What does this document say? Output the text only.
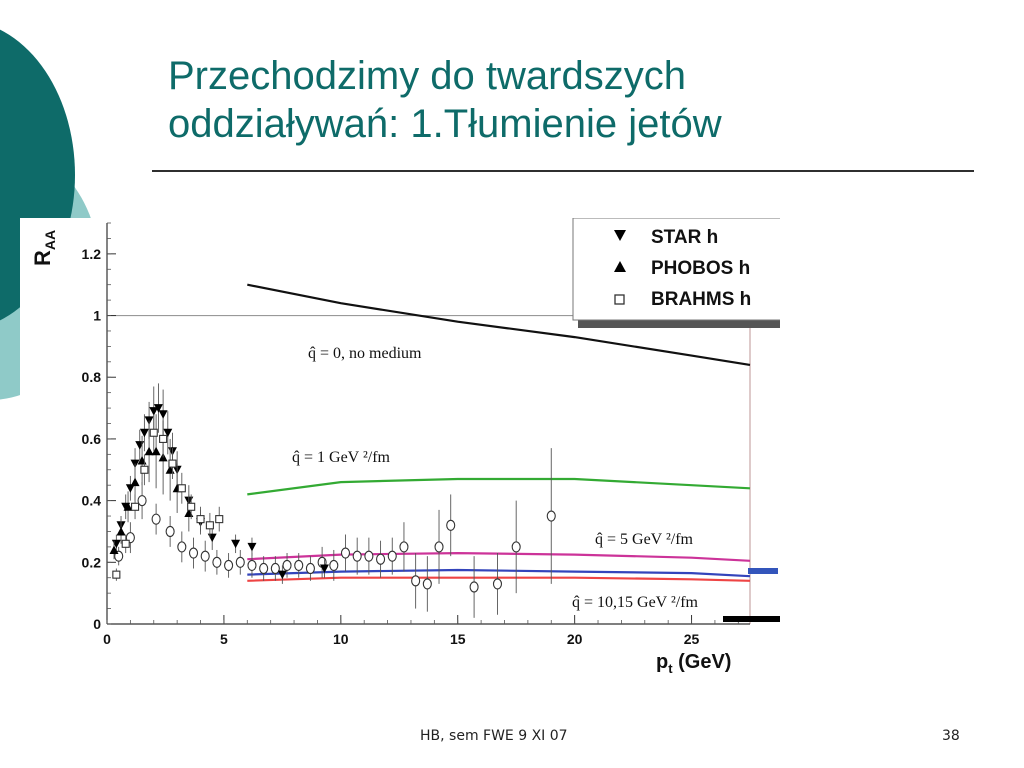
Przechodzimy do twardszych
oddziaływań: 1.Tłumienie jetów
0
0.2
0.4
0.6
0.8
1
1.2
0	5	10	15	20	25
$R_{AA}$
$p_t$ (GeV)
STAR h
PHOBOS h
BRAHMS h
q̂ = 0, no medium
q̂ = 1 GeV ²/fm
q̂ = 5 GeV ²/fm
q̂ = 10,15 GeV ²/fm
HB, sem FWE 9 XI 07	38
